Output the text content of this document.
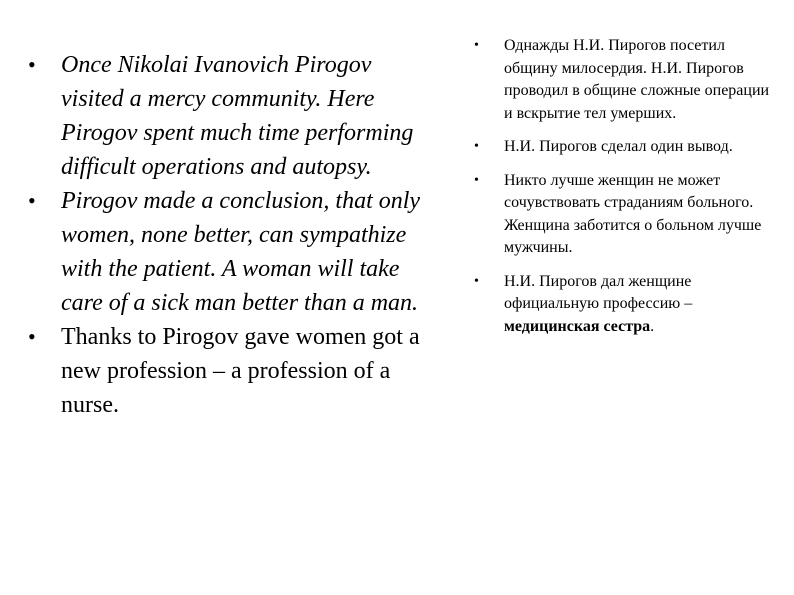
•	Once Nikolai Ivanovich Pirogov visited a mercy community. Here Pirogov spent much time performing difficult operations and autopsy.
•	Pirogov made a conclusion, that only women, none better, can sympathize with the patient. A woman will take care of a sick man better than a man.
•	Thanks to Pirogov gave women got a new profession – a profession of a nurse.
•	Однажды Н.И. Пирогов посетил общину милосердия. Н.И. Пирогов проводил в общине сложные операции и вскрытие тел умерших.
•	Н.И. Пирогов сделал один вывод.
•	Никто лучше женщин не может сочувствовать страданиям больного. Женщина заботится о больном лучше мужчины.
•	Н.И. Пирогов дал женщине официальную профессию – медицинская сестра.
